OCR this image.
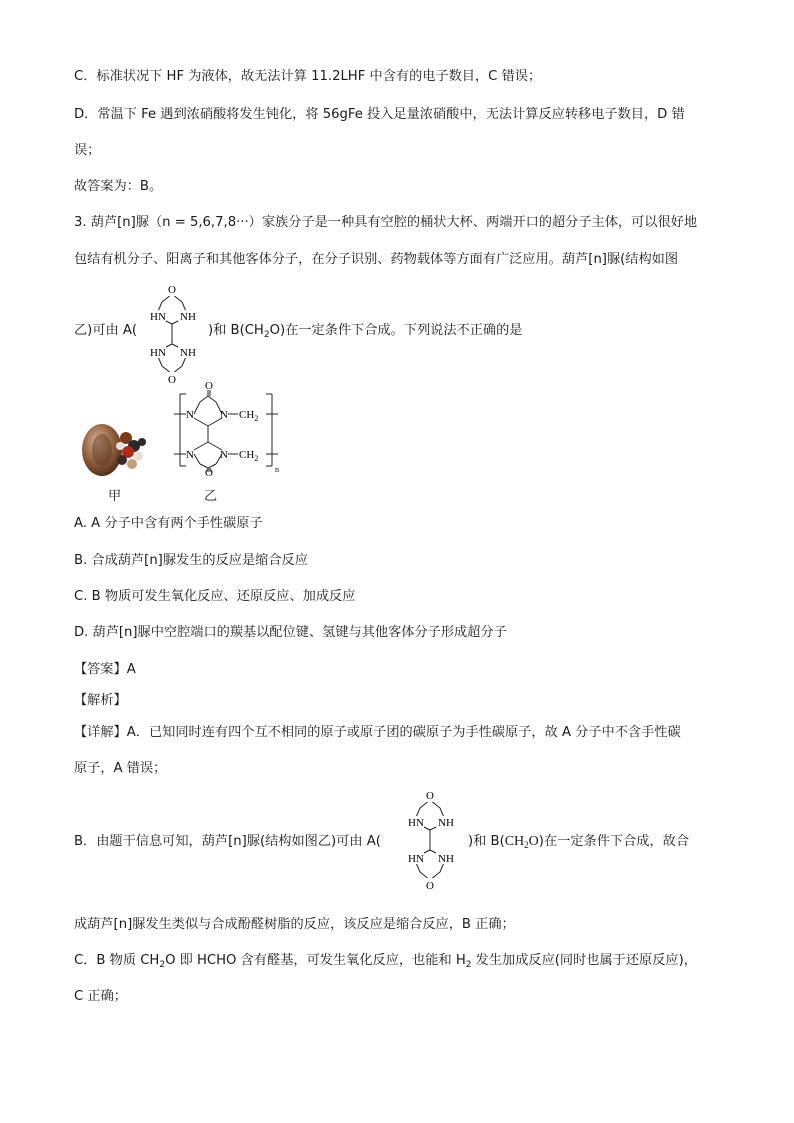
C．标准状况下 HF 为液体，故无法计算 11.2LHF 中含有的电子数目，C 错误；
D．常温下 Fe 遇到浓硝酸将发生钝化，将 56gFe 投入足量浓硝酸中，无法计算反应转移电子数目，D 错
误；
故答案为：B。
3. 葫芦[n]脲（n = 5,6,7,8···）家族分子是一种具有空腔的桶状大杯、两端开口的超分子主体，可以很好地
包结有机分子、阳离子和其他客体分子，在分子识别、药物载体等方面有广泛应用。葫芦[n]脲(结构如图
乙)可由 A(
O
HN NH
HN NH
O
)和 $B(CH_2O)$在一定条件下合成。下列说法不正确的是
O
N N
N N
$CH_2$
$CH_2$
O	n
甲	乙
A. A 分子中含有两个手性碳原子
B. 合成葫芦[n]脲发生的反应是缩合反应
C. B 物质可发生氧化反应、还原反应、加成反应
D. 葫芦[n]脲中空腔端口的羰基以配位键、氢键与其他客体分子形成超分子
【答案】A
【解析】
【详解】A．已知同时连有四个互不相同的原子或原子团的碳原子为手性碳原子，故 A 分子中不含手性碳
原子，A 错误；
B．由题干信息可知，葫芦[n]脲(结构如图乙)可由 A(
O
HN NH
HN NH
O
)和 $B(CH_2O)$在一定条件下合成，故合
成葫芦[n]脲发生类似与合成酚醛树脂的反应，该反应是缩合反应，B 正确；
C．B 物质 $CH_2O$ 即 HCHO 含有醛基，可发生氧化反应，也能和 $H_2$ 发生加成反应(同时也属于还原反应)，
C 正确；
